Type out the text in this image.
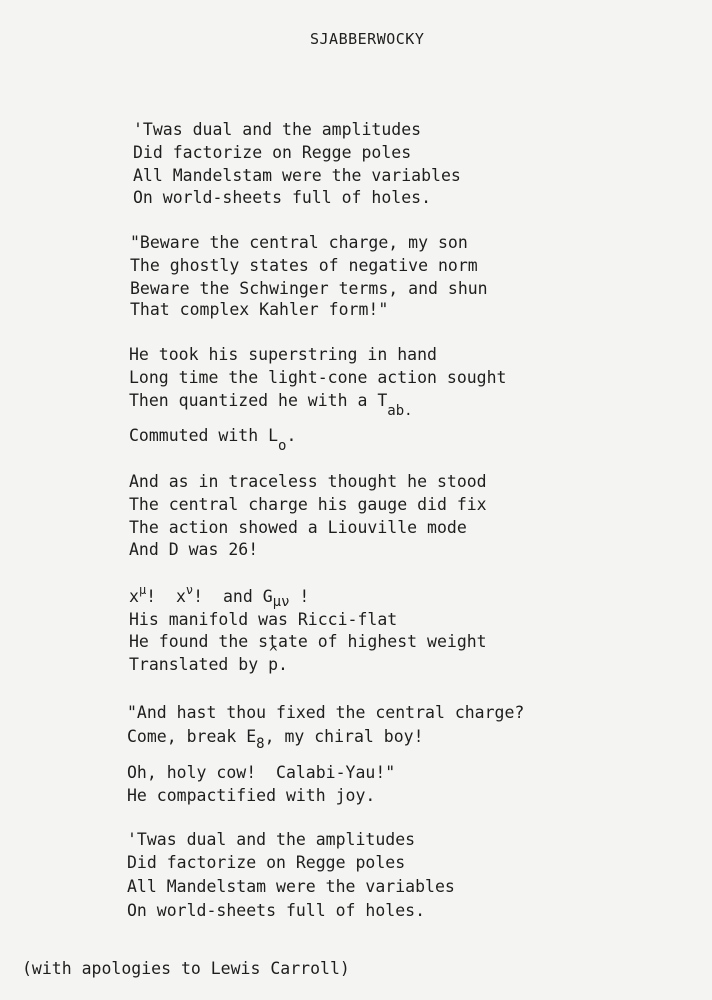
SJABBERWOCKY
'Twas dual and the amplitudes
Did factorize on Regge poles
All Mandelstam were the variables
On world-sheets full of holes.
"Beware the central charge, my son
The ghostly states of negative norm
Beware the Schwinger terms, and shun
That complex Kahler form!"
He took his superstring in hand
Long time the light-cone action sought
Then quantized he with a $T_{ab.}$
Commuted with $L_o$.
And as in traceless thought he stood
The central charge his gauge did fix
The action showed a Liouville mode
And D was 26!
$x^\mu$!  $x^\nu$!  and $G_{\mu\nu}$ !
His manifold was Ricci-flat
He found the state of highest weight
Translated by ^ p.
"And hast thou fixed the central charge?
Come, break $E_8$, my chiral boy!
Oh, holy cow!  Calabi-Yau!"
He compactified with joy.
'Twas dual and the amplitudes
Did factorize on Regge poles
All Mandelstam were the variables
On world-sheets full of holes.
(with apologies to Lewis Carroll)
